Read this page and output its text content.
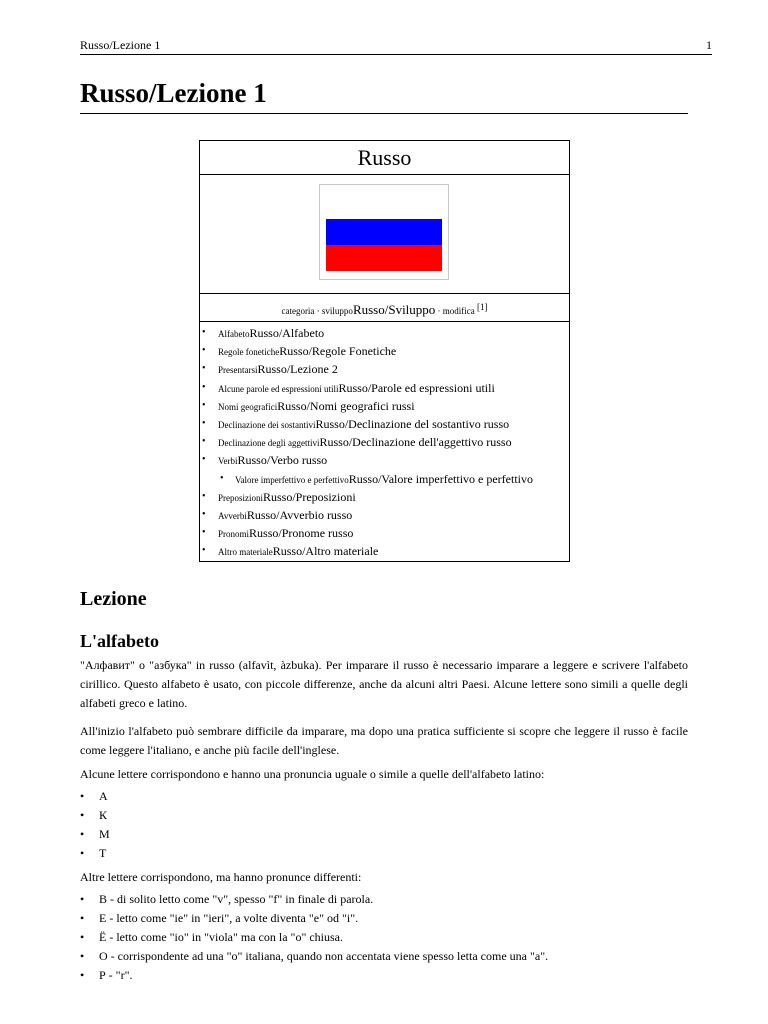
Russo/Lezione 1	1
Russo/Lezione 1
Russo
categoria · sviluppoRusso/Sviluppo · modifica [1]
• AlfabetoRusso/Alfabeto
• Regole foneticheRusso/Regole Fonetiche
• PresentarsiRusso/Lezione 2
• Alcune parole ed espressioni utiliRusso/Parole ed espressioni utili
• Nomi geograficiRusso/Nomi geografici russi
• Declinazione dei sostantiviRusso/Declinazione del sostantivo russo
• Declinazione degli aggettiviRusso/Declinazione dell'aggettivo russo
• VerbiRusso/Verbo russo
• Valore imperfettivo e perfettivoRusso/Valore imperfettivo e perfettivo
• PreposizioniRusso/Preposizioni
• AvverbiRusso/Avverbio russo
• PronomiRusso/Pronome russo
• Altro materialeRusso/Altro materiale
Lezione
L'alfabeto

"Алфавит" o "азбука" in russo (alfavìt, àzbuka). Per imparare il russo è necessario imparare a leggere e scrivere l'alfabeto cirillico. Questo alfabeto è usato, con piccole differenze, anche da alcuni altri Paesi. Alcune lettere sono simili a quelle degli alfabeti greco e latino.

All'inizio l'alfabeto può sembrare difficile da imparare, ma dopo una pratica sufficiente si scopre che leggere il russo è facile come leggere l'italiano, e anche più facile dell'inglese.

Alcune lettere corrispondono e hanno una pronuncia uguale o simile a quelle dell'alfabeto latino:

• А
• К
• М
• Т

Altre lettere corrispondono, ma hanno pronunce differenti:

• В - di solito letto come "v", spesso "f" in finale di parola.
• Е - letto come "ie" in "ieri", a volte diventa "e" od "i".
• Ё - letto come "io" in "viola" ma con la "o" chiusa.
• О - corrispondente ad una "o" italiana, quando non accentata viene spesso letta come una "a".
• Р - "r".
